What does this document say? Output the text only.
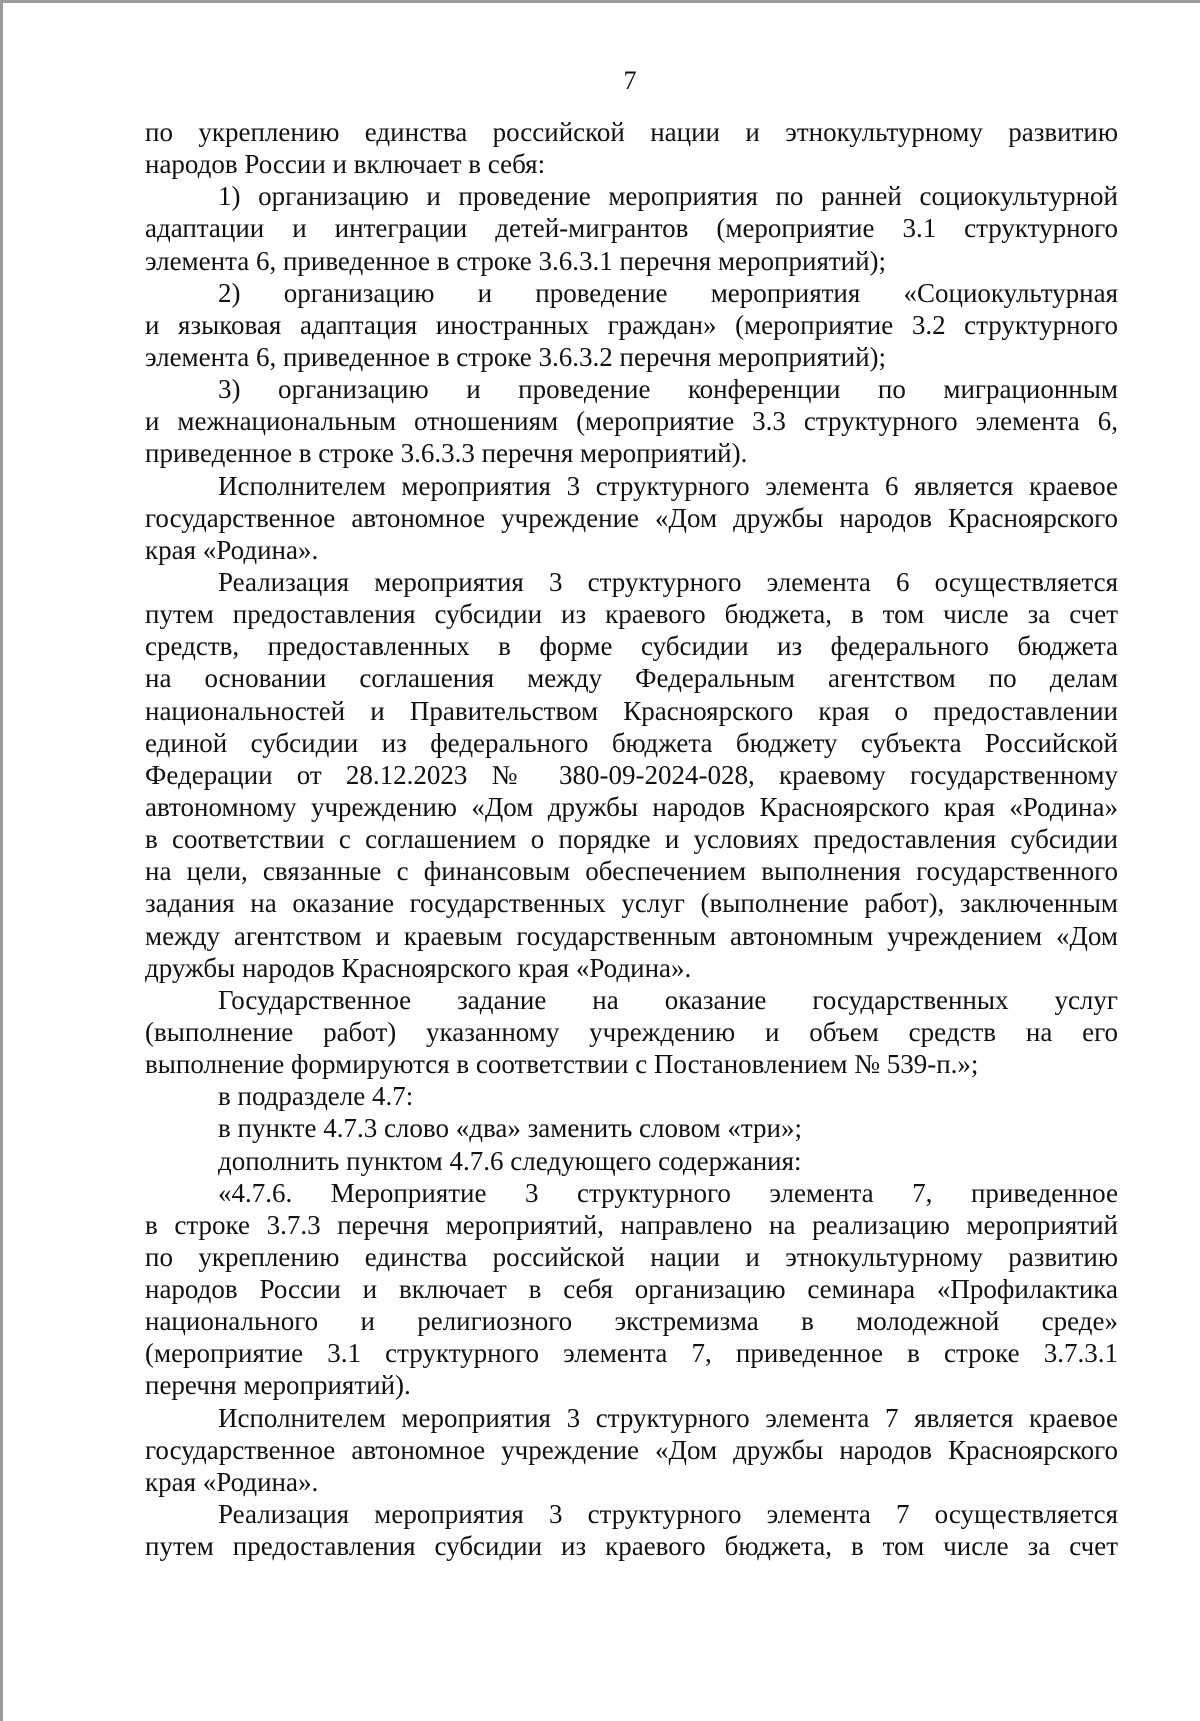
7
по укреплению единства российской нации и этнокультурному развитию
народов России и включает в себя:
1) организацию и проведение мероприятия по ранней социокультурной
адаптации и интеграции детей-мигрантов (мероприятие 3.1 структурного
элемента 6, приведенное в строке 3.6.3.1 перечня мероприятий);
2) организацию и проведение мероприятия «Социокультурная
и языковая адаптация иностранных граждан» (мероприятие 3.2 структурного
элемента 6, приведенное в строке 3.6.3.2 перечня мероприятий);
3) организацию и проведение конференции по миграционным
и межнациональным отношениям (мероприятие 3.3 структурного элемента 6,
приведенное в строке 3.6.3.3 перечня мероприятий).
Исполнителем мероприятия 3 структурного элемента 6 является краевое
государственное автономное учреждение «Дом дружбы народов Красноярского
края «Родина».
Реализация мероприятия 3 структурного элемента 6 осуществляется
путем предоставления субсидии из краевого бюджета, в том числе за счет
средств, предоставленных в форме субсидии из федерального бюджета
на основании соглашения между Федеральным агентством по делам
национальностей и Правительством Красноярского края о предоставлении
единой субсидии из федерального бюджета бюджету субъекта Российской
Федерации от 28.12.2023 № 380-09-2024-028, краевому государственному
автономному учреждению «Дом дружбы народов Красноярского края «Родина»
в соответствии с соглашением о порядке и условиях предоставления субсидии
на цели, связанные с финансовым обеспечением выполнения государственного
задания на оказание государственных услуг (выполнение работ), заключенным
между агентством и краевым государственным автономным учреждением «Дом
дружбы народов Красноярского края «Родина».
Государственное задание на оказание государственных услуг
(выполнение работ) указанному учреждению и объем средств на его
выполнение формируются в соответствии с Постановлением № 539-п.»;
в подразделе 4.7:
в пункте 4.7.3 слово «два» заменить словом «три»;
дополнить пунктом 4.7.6 следующего содержания:
«4.7.6. Мероприятие 3 структурного элемента 7, приведенное
в строке 3.7.3 перечня мероприятий, направлено на реализацию мероприятий
по укреплению единства российской нации и этнокультурному развитию
народов России и включает в себя организацию семинара «Профилактика
национального и религиозного экстремизма в молодежной среде»
(мероприятие 3.1 структурного элемента 7, приведенное в строке 3.7.3.1
перечня мероприятий).
Исполнителем мероприятия 3 структурного элемента 7 является краевое
государственное автономное учреждение «Дом дружбы народов Красноярского
края «Родина».
Реализация мероприятия 3 структурного элемента 7 осуществляется
путем предоставления субсидии из краевого бюджета, в том числе за счет
